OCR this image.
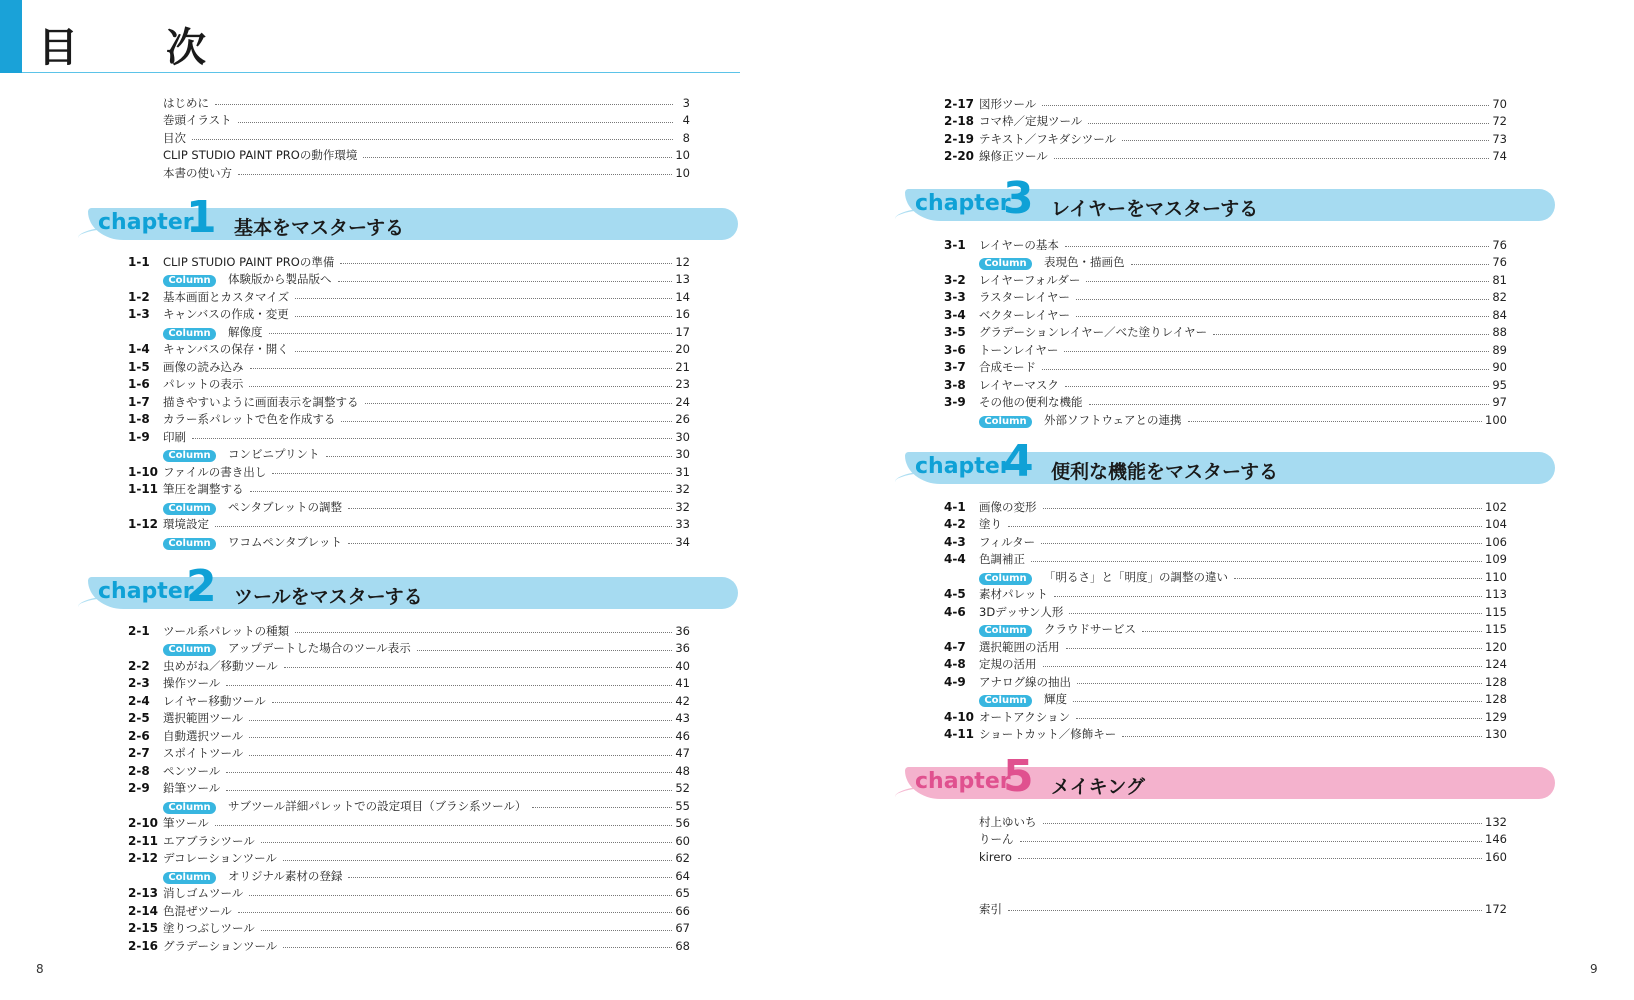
目　次
はじめに	3
巻頭イラスト	4
目次	8
CLIP STUDIO PAINT PROの動作環境	10
本書の使い方	10
chapter
1 基本をマスターする
1-1	CLIP STUDIO PAINT PROの準備	12
Column 体験版から製品版へ	13
1-2	基本画面とカスタマイズ	14
1-3	キャンバスの作成・変更	16
Column 解像度	17
1-4	キャンバスの保存・開く	20
1-5	画像の読み込み	21
1-6	パレットの表示	23
1-7	描きやすいように画面表示を調整する	24
1-8	カラー系パレットで色を作成する	26
1-9	印刷	30
Column コンビニプリント	30
1-10 ファイルの書き出し	31
1-11 筆圧を調整する	32
Column ペンタブレットの調整	32
1-12 環境設定	33
Column ワコムペンタブレット	34
chapter
2 ツールをマスターする
2-1	ツール系パレットの種類	36
Column アップデートした場合のツール表示	36
2-2	虫めがね／移動ツール	40
2-3	操作ツール	41
2-4	レイヤー移動ツール	42
2-5	選択範囲ツール	43
2-6	自動選択ツール	46
2-7	スポイトツール	47
2-8	ペンツール	48
2-9	鉛筆ツール	52
Column サブツール詳細パレットでの設定項目（ブラシ系ツール）	55
2-10 筆ツール	56
2-11 エアブラシツール	60
2-12 デコレーションツール	62
Column オリジナル素材の登録	64
2-13 消しゴムツール	65
2-14 色混ぜツール	66
2-15 塗りつぶしツール	67
2-16 グラデーションツール	68
8
2-17 図形ツール	70
2-18 コマ枠／定規ツール	72
2-19 テキスト／フキダシツール	73
2-20 線修正ツール	74
chapter
3 レイヤーをマスターする
3-1	レイヤーの基本	76
Column 表現色・描画色	76
3-2	レイヤーフォルダー	81
3-3	ラスターレイヤー	82
3-4	ベクターレイヤー	84
3-5	グラデーションレイヤー／べた塗りレイヤー	88
3-6	トーンレイヤー	89
3-7	合成モード	90
3-8	レイヤーマスク	95
3-9	その他の便利な機能	97
Column 外部ソフトウェアとの連携	100
chapter
4 便利な機能をマスターする
4-1	画像の変形	102
4-2	塗り	104
4-3	フィルター	106
4-4	色調補正	109
Column 「明るさ」と「明度」の調整の違い	110
4-5	素材パレット	113
4-6	3Dデッサン人形	115
Column クラウドサービス	115
4-7	選択範囲の活用	120
4-8	定規の活用	124
4-9	アナログ線の抽出	128
Column 輝度	128
4-10 オートアクション	129
4-11 ショートカット／修飾キー	130
chapter
5 メイキング
村上ゆいち	132
りーん	146
kirero	160
索引	172
9
